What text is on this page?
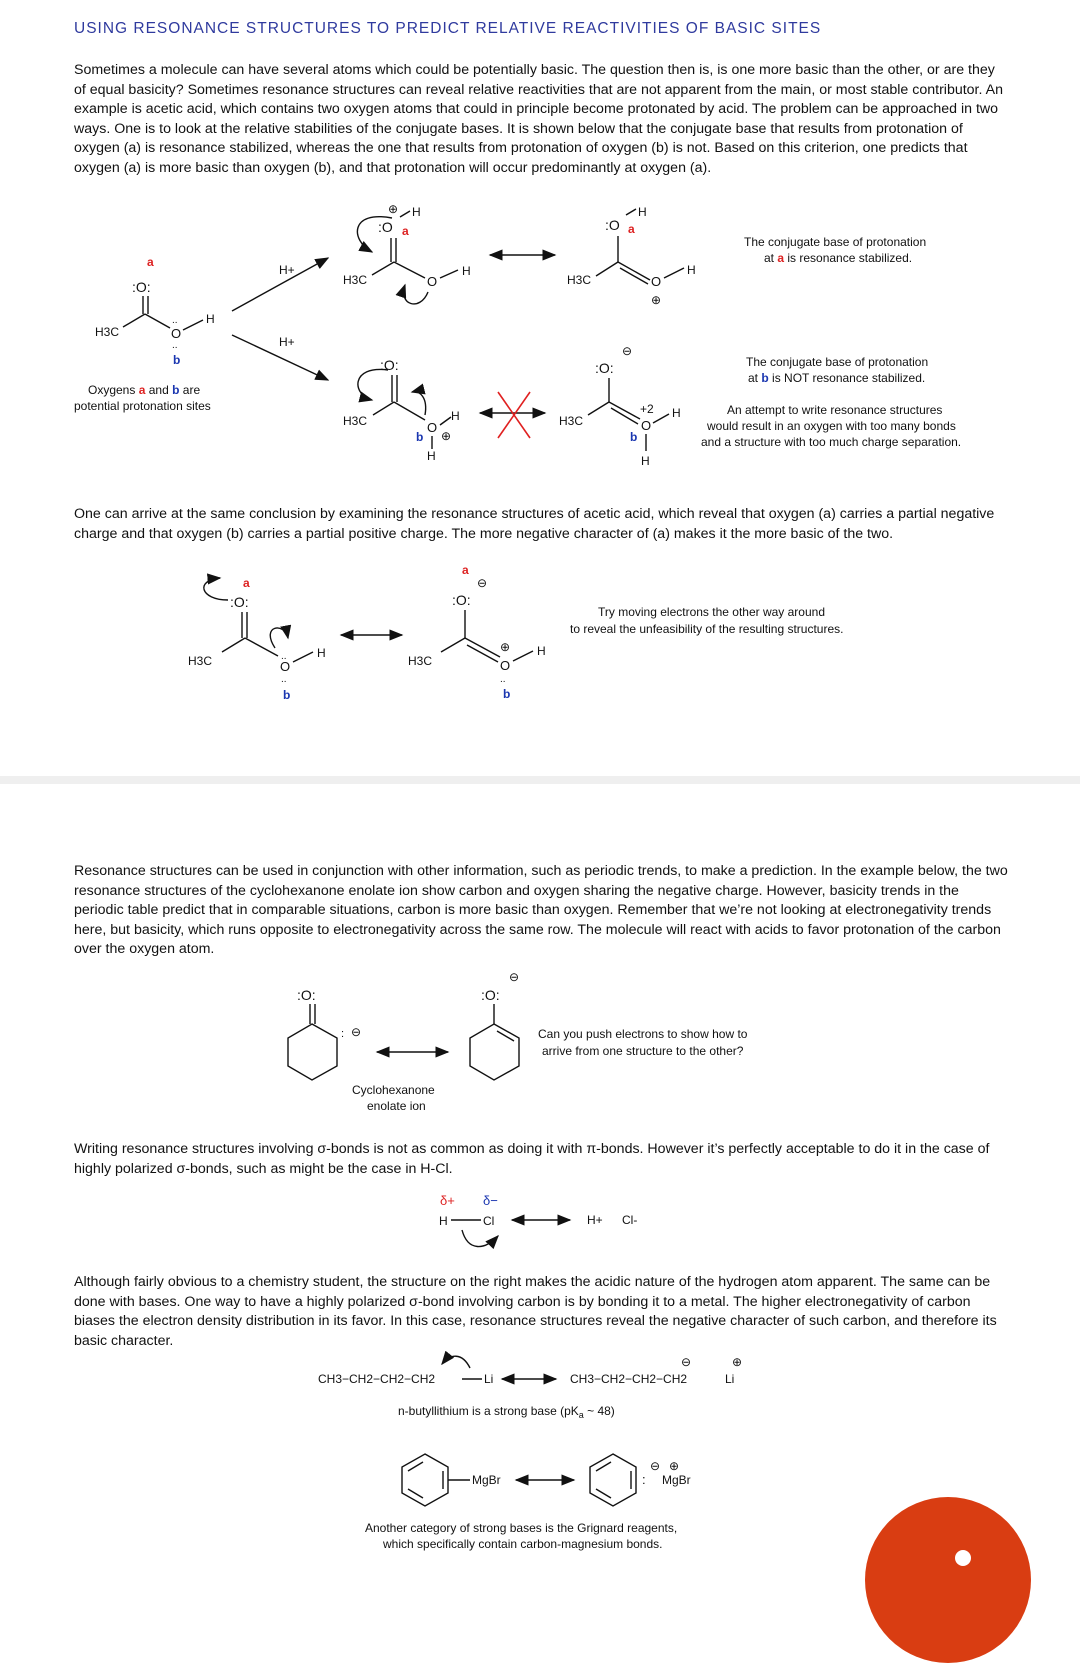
USING RESONANCE STRUCTURES TO PREDICT RELATIVE REACTIVITIES OF BASIC SITES
Sometimes a molecule can have several atoms which could be potentially basic. The question then is, is one more basic than the other, or are they of equal basicity? Sometimes resonance structures can reveal relative reactivities that are not apparent from the main, or most stable contributor. An example is acetic acid, which contains two oxygen atoms that could in principle become protonated by acid. The problem can be approached in two ways. One is to look at the relative stabilities of the conjugate bases. It is shown below that the conjugate base that results from protonation of oxygen (a) is resonance stabilized, whereas the one that results from protonation of oxygen (b) is not. Based on this criterion, one predicts that oxygen (a) is more basic than oxygen (b), and that protonation will occur predominantly at oxygen (a).
One can arrive at the same conclusion by examining the resonance structures of acetic acid, which reveal that oxygen (a) carries a partial negative charge and that oxygen (b) carries a partial positive charge. The more negative character of (a) makes it the more basic of the two.
Resonance structures can be used in conjunction with other information, such as periodic trends, to make a prediction. In the example below, the two resonance structures of the cyclohexanone enolate ion show carbon and oxygen sharing the negative charge. However, basicity trends in the periodic table predict that in comparable situations, carbon is more basic than oxygen. Remember that we’re not looking at electronegativity trends here, but basicity, which runs opposite to electronegativity across the same row. The molecule will react with acids to favor protonation of the carbon over the oxygen atom.
Writing resonance structures involving σ-bonds is not as common as doing it with π-bonds. However it’s perfectly acceptable to do it in the case of highly polarized σ-bonds, such as might be the case in H-Cl.
Although fairly obvious to a chemistry student, the structure on the right makes the acidic nature of the hydrogen atom apparent. The same can be done with bases. One way to have a highly polarized σ-bond involving carbon is by bonding it to a metal. The higher electronegativity of carbon biases the electron density distribution in its favor. In this case, resonance structures reveal the negative character of such carbon, and therefore its basic character.
a
:O:
H3C	O
..
..
H
b
Oxygens a and b are
potential protonation sites
H+
H+
⊕
:O a
H
H3C	O
H
:O a
H
H3C	O
⊕
H
The conjugate base of protonation
at a is resonance stabilized.
:O:
H3C	O
b ⊕
H
H
⊖
:O:
H3C	O
+2
b
H
H
The conjugate base of protonation
at b is NOT resonance stabilized.
An attempt to write resonance structures
would result in an oxygen with too many bonds
and a structure with too much charge separation.
a
:O:
H3C	O
..
..
H
b
a
⊖
:O:
H3C	O
⊕
..
H
b
Try moving electrons the other way around
to reveal the unfeasibility of the resulting structures.
:O:
: ⊖
⊖
:O:
Cyclohexanone
enolate ion
Can you push electrons to show how to
arrive from one structure to the other?
δ+ δ−
H	Cl	H+ Cl-
CH3−CH2−CH2−CH2	Li	CH3−CH2−CH2−CH2
⊖	⊕
Li
n-butyllithium is a strong base ($pK_a$ ~ 48)
MgBr	:
⊖ ⊕
MgBr
Another category of strong bases is the Grignard reagents,
which specifically contain carbon-magnesium bonds.
